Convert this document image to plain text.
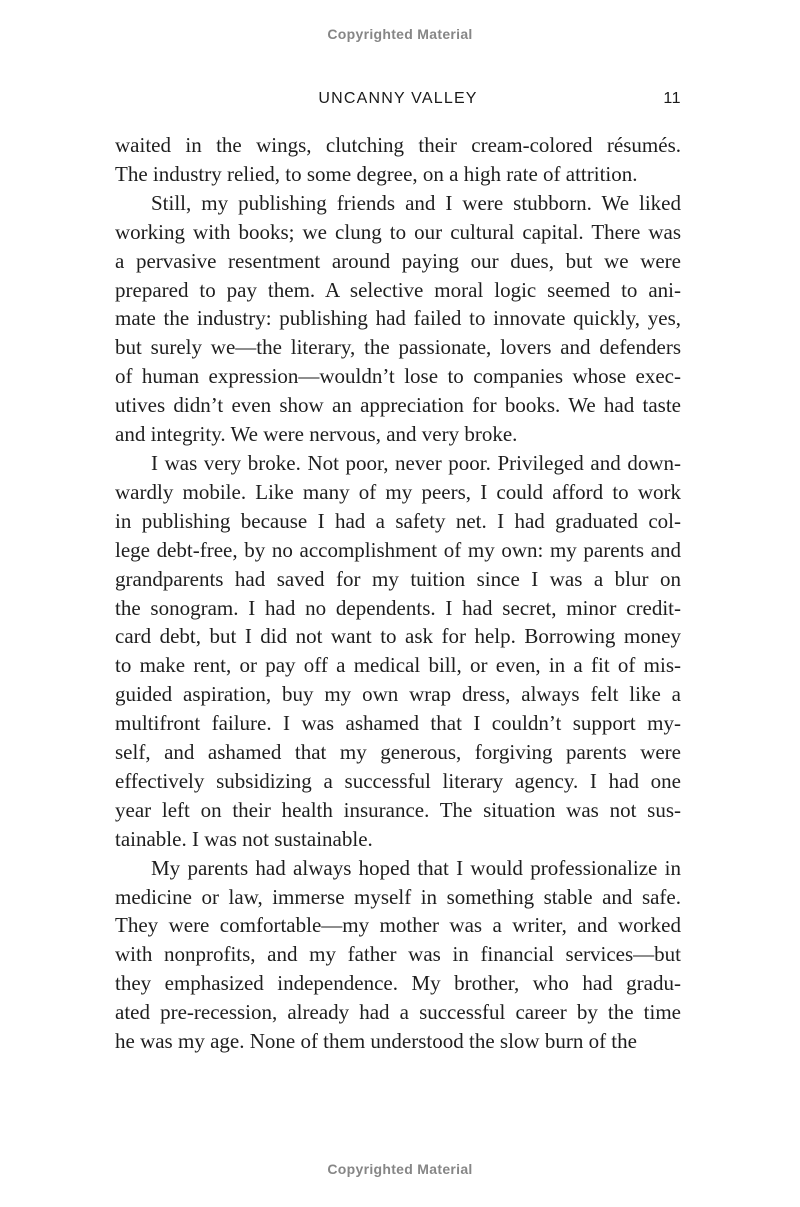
Copyrighted Material
UNCANNY VALLEY	11
waited in the wings, clutching their cream-colored résumés.
The industry relied, to some degree, on a high rate of attrition.
Still, my publishing friends and I were stubborn. We liked
working with books; we clung to our cultural capital. There was
a pervasive resentment around paying our dues, but we were
prepared to pay them. A selective moral logic seemed to ani-
mate the industry: publishing had failed to innovate quickly, yes,
but surely we—the literary, the passionate, lovers and defenders
of human expression—wouldn’t lose to companies whose exec-
utives didn’t even show an appreciation for books. We had taste
and integrity. We were nervous, and very broke.
I was very broke. Not poor, never poor. Privileged and down-
wardly mobile. Like many of my peers, I could afford to work
in publishing because I had a safety net. I had graduated col-
lege debt-free, by no accomplishment of my own: my parents and
grandparents had saved for my tuition since I was a blur on
the sonogram. I had no dependents. I had secret, minor credit-
card debt, but I did not want to ask for help. Borrowing money
to make rent, or pay off a medical bill, or even, in a fit of mis-
guided aspiration, buy my own wrap dress, always felt like a
multifront failure. I was ashamed that I couldn’t support my-
self, and ashamed that my generous, forgiving parents were
effectively subsidizing a successful literary agency. I had one
year left on their health insurance. The situation was not sus-
tainable. I was not sustainable.
My parents had always hoped that I would professionalize in
medicine or law, immerse myself in something stable and safe.
They were comfortable—my mother was a writer, and worked
with nonprofits, and my father was in financial services—but
they emphasized independence. My brother, who had gradu-
ated pre-recession, already had a successful career by the time
he was my age. None of them understood the slow burn of the
Copyrighted Material
